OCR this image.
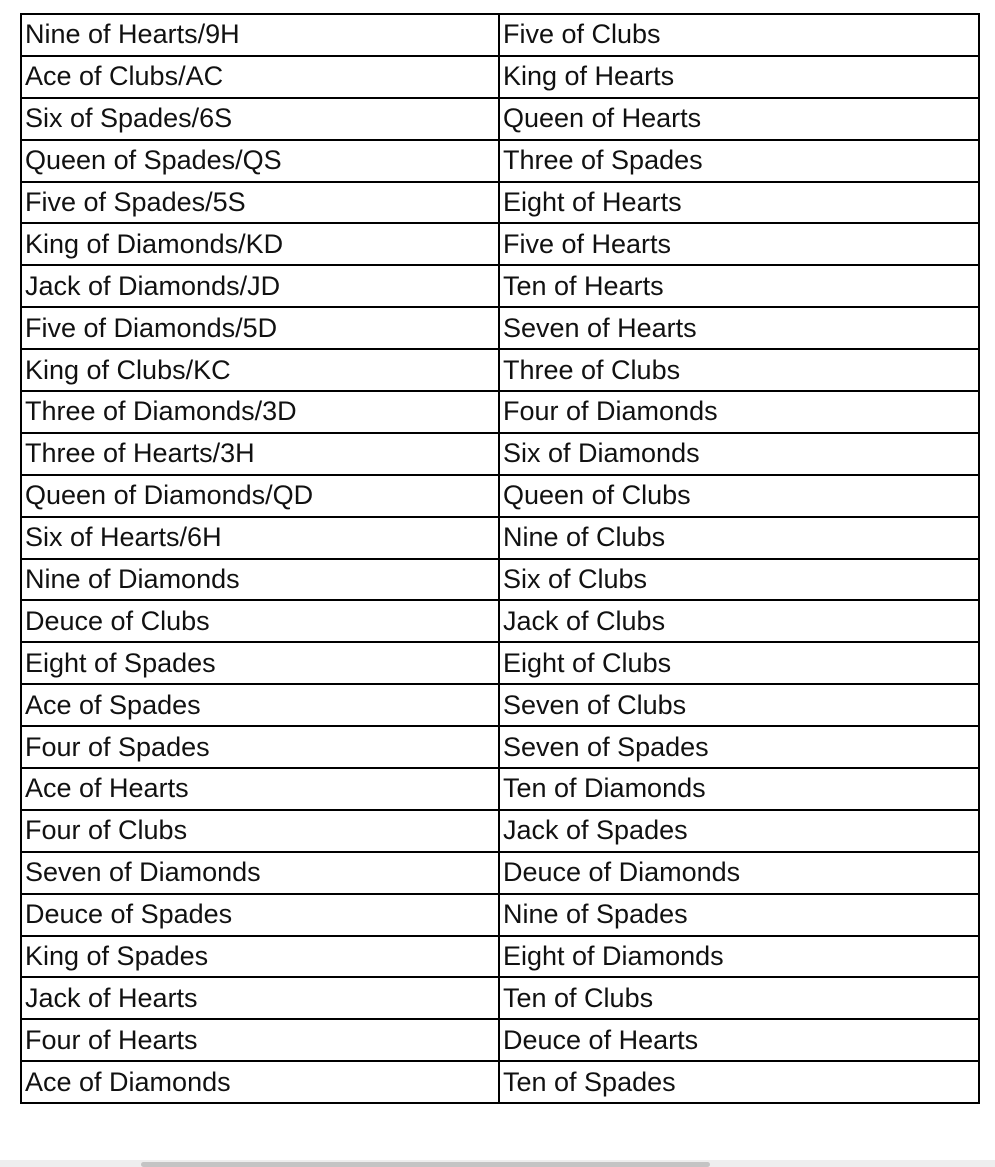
Nine of Hearts/9H	Five of Clubs
Ace of Clubs/AC	King of Hearts
Six of Spades/6S	Queen of Hearts
Queen of Spades/QS	Three of Spades
Five of Spades/5S	Eight of Hearts
King of Diamonds/KD	Five of Hearts
Jack of Diamonds/JD	Ten of Hearts
Five of Diamonds/5D	Seven of Hearts
King of Clubs/KC	Three of Clubs
Three of Diamonds/3D	Four of Diamonds
Three of Hearts/3H	Six of Diamonds
Queen of Diamonds/QD	Queen of Clubs
Six of Hearts/6H	Nine of Clubs
Nine of Diamonds	Six of Clubs
Deuce of Clubs	Jack of Clubs
Eight of Spades	Eight of Clubs
Ace of Spades	Seven of Clubs
Four of Spades	Seven of Spades
Ace of Hearts	Ten of Diamonds
Four of Clubs	Jack of Spades
Seven of Diamonds	Deuce of Diamonds
Deuce of Spades	Nine of Spades
King of Spades	Eight of Diamonds
Jack of Hearts	Ten of Clubs
Four of Hearts	Deuce of Hearts
Ace of Diamonds	Ten of Spades
